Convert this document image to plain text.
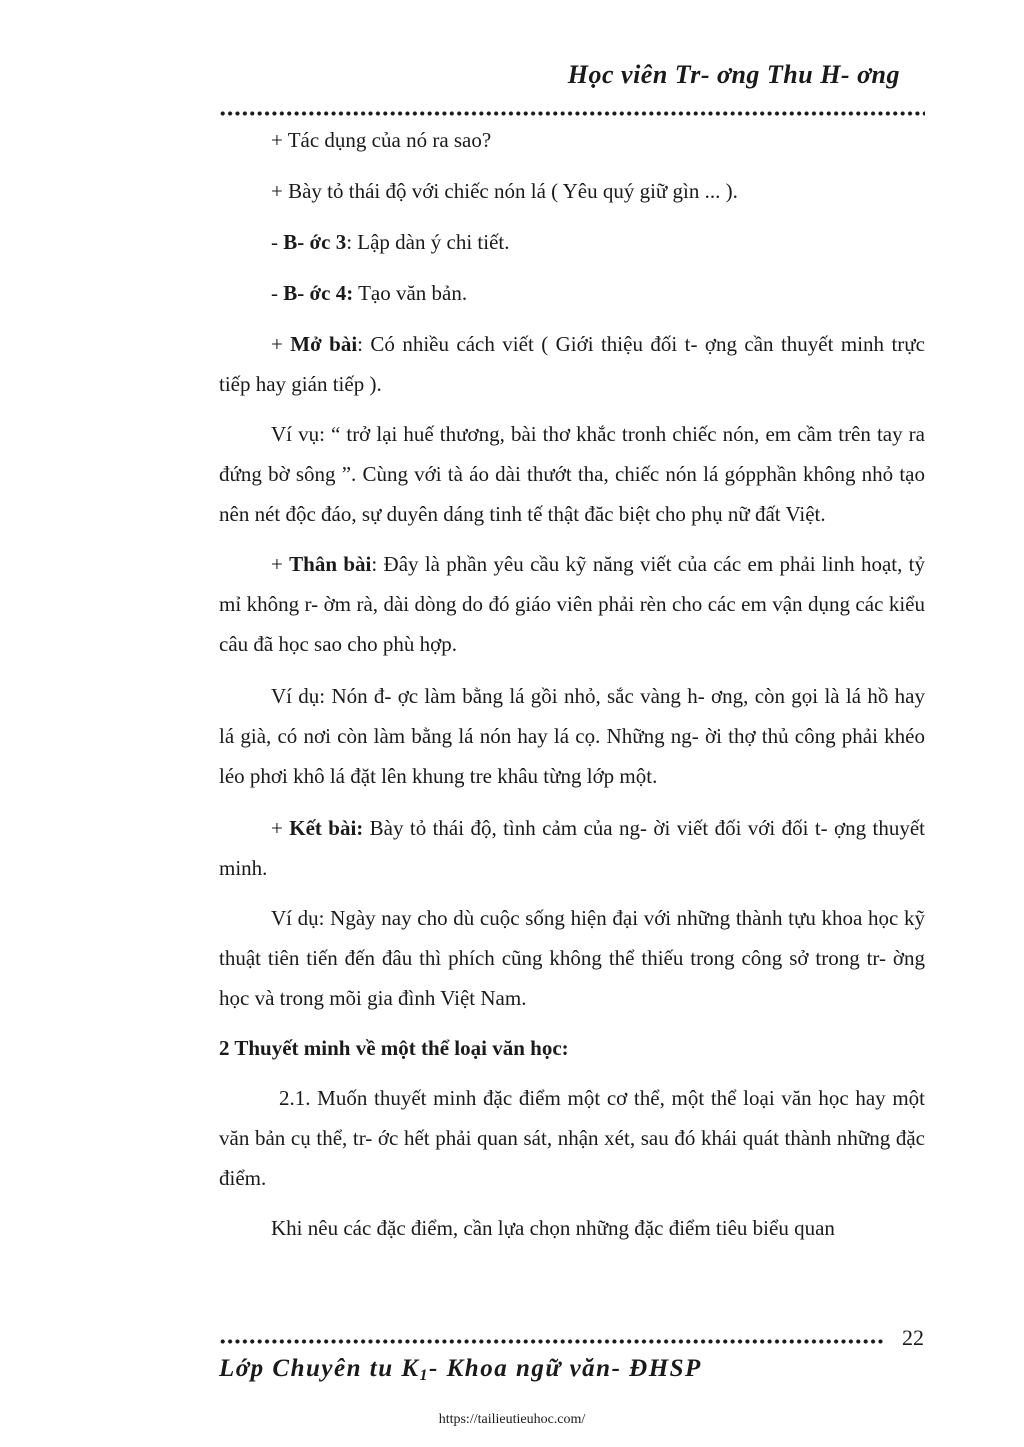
Học viên Tr- ơng Thu H- ơng

+ Tác dụng của nó ra sao?

+ Bày tỏ thái độ với chiếc nón lá ( Yêu quý giữ gìn ... ).

- B- ớc 3: Lập dàn ý chi tiết.

- B- ớc 4: Tạo văn bản.

+ Mở bài: Có nhiều cách viết ( Giới thiệu đối t- ợng cần thuyết minh trực tiếp hay gián tiếp ).

Ví vụ: “ trở lại huế thương, bài thơ khắc tronh chiếc nón, em cầm trên tay ra đứng bờ sông ”. Cùng với tà áo dài thướt tha, chiếc nón lá gópphần không nhỏ tạo nên nét độc đáo, sự duyên dáng tinh tế thật đăc biệt cho phụ nữ đất Việt.

+ Thân bài: Đây là phần yêu cầu kỹ năng viết của các em phải linh hoạt, tỷ mỉ không r- ờm rà, dài dòng do đó giáo viên phải rèn cho các em vận dụng các kiểu câu đã học sao cho phù hợp.

Ví dụ: Nón đ- ợc làm bằng lá gồi nhỏ, sắc vàng h- ơng, còn gọi là lá hồ hay lá già, có nơi còn làm bằng lá nón hay lá cọ. Những ng- ời thợ thủ công phải khéo léo phơi khô lá đặt lên khung tre khâu từng lớp một.

+ Kết bài: Bày tỏ thái độ, tình cảm của ng- ời viết đối với đối t- ợng thuyết minh.

Ví dụ: Ngày nay cho dù cuộc sống hiện đại với những thành tựu khoa học kỹ thuật tiên tiến đến đâu thì phích cũng không thể thiếu trong công sở trong tr- ờng học và trong mõi gia đình Việt Nam.

2 Thuyết minh về một thể loại văn học:

2.1. Muốn thuyết minh đặc điểm một cơ thể, một thể loại văn học hay một văn bản cụ thể, tr- ớc hết phải quan sát, nhận xét, sau đó khái quát thành những đặc điểm.

Khi nêu các đặc điểm, cần lựa chọn những đặc điểm tiêu biểu quan

22
Lớp Chuyên tu K1- Khoa ngữ văn- ĐHSP
https://tailieutieuhoc.com/
